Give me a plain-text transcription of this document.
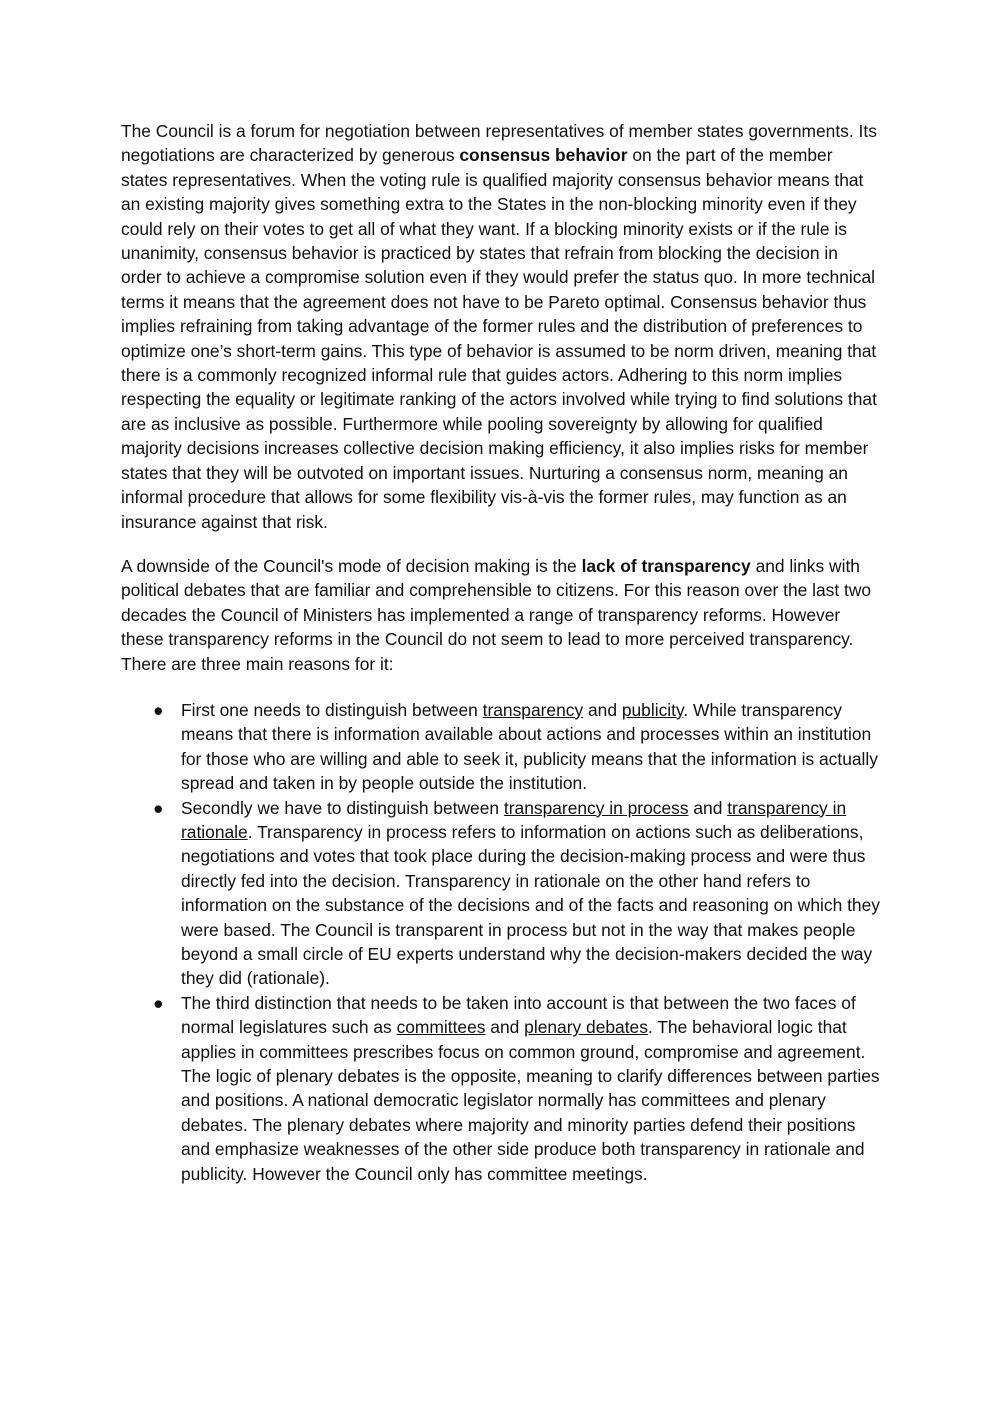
The Council is a forum for negotiation between representatives of member states governments. Its negotiations are characterized by generous consensus behavior on the part of the member states representatives. When the voting rule is qualified majority consensus behavior means that an existing majority gives something extra to the States in the non-blocking minority even if they could rely on their votes to get all of what they want. If a blocking minority exists or if the rule is unanimity, consensus behavior is practiced by states that refrain from blocking the decision in order to achieve a compromise solution even if they would prefer the status quo. In more technical terms it means that the agreement does not have to be Pareto optimal. Consensus behavior thus implies refraining from taking advantage of the former rules and the distribution of preferences to optimize one’s short-term gains. This type of behavior is assumed to be norm driven, meaning that there is a commonly recognized informal rule that guides actors. Adhering to this norm implies respecting the equality or legitimate ranking of the actors involved while trying to find solutions that are as inclusive as possible. Furthermore while pooling sovereignty by allowing for qualified majority decisions increases collective decision making efficiency, it also implies risks for member states that they will be outvoted on important issues. Nurturing a consensus norm, meaning an informal procedure that allows for some flexibility vis-à-vis the former rules, may function as an insurance against that risk.

A downside of the Council's mode of decision making is the lack of transparency and links with political debates that are familiar and comprehensible to citizens. For this reason over the last two decades the Council of Ministers has implemented a range of transparency reforms. However these transparency reforms in the Council do not seem to lead to more perceived transparency. There are three main reasons for it:

● First one needs to distinguish between transparency and publicity. While transparency means that there is information available about actions and processes within an institution for those who are willing and able to seek it, publicity means that the information is actually spread and taken in by people outside the institution.
● Secondly we have to distinguish between transparency in process and transparency in rationale. Transparency in process refers to information on actions such as deliberations, negotiations and votes that took place during the decision-making process and were thus directly fed into the decision. Transparency in rationale on the other hand refers to information on the substance of the decisions and of the facts and reasoning on which they were based. The Council is transparent in process but not in the way that makes people beyond a small circle of EU experts understand why the decision-makers decided the way they did (rationale).
● The third distinction that needs to be taken into account is that between the two faces of normal legislatures such as committees and plenary debates. The behavioral logic that applies in committees prescribes focus on common ground, compromise and agreement. The logic of plenary debates is the opposite, meaning to clarify differences between parties and positions. A national democratic legislator normally has committees and plenary debates. The plenary debates where majority and minority parties defend their positions and emphasize weaknesses of the other side produce both transparency in rationale and publicity. However the Council only has committee meetings.
